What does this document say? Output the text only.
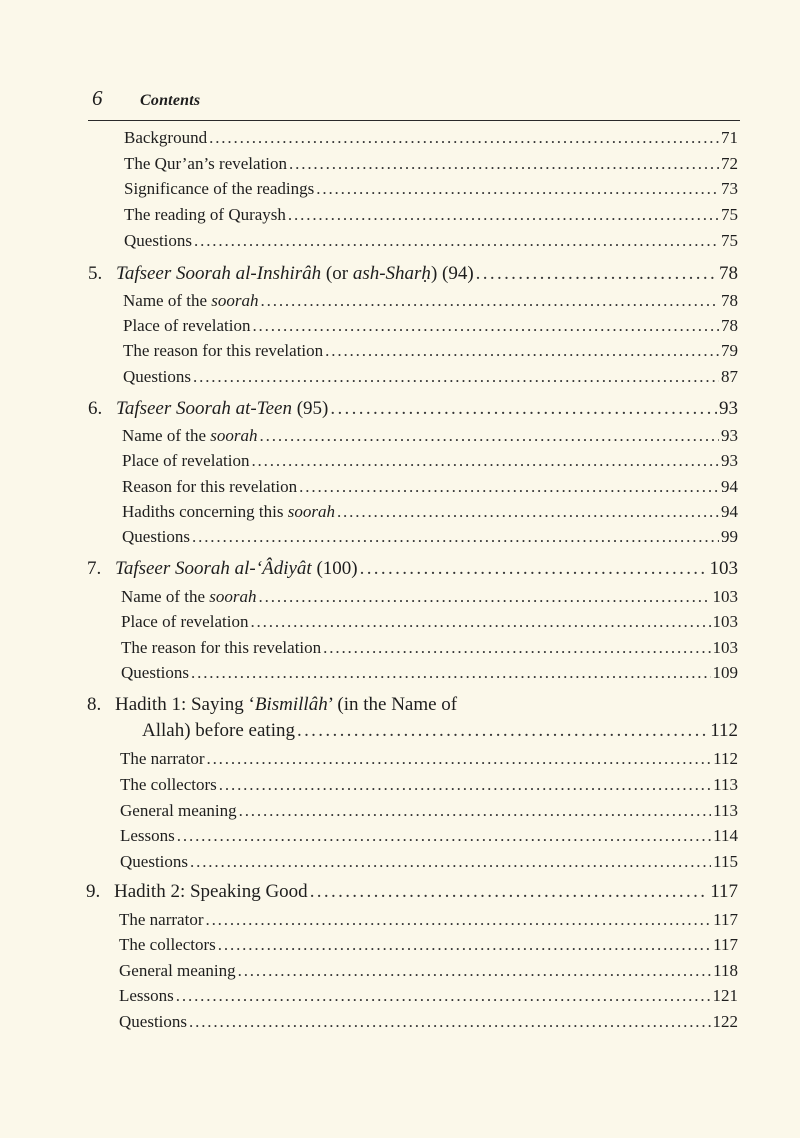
6	Contents
Background . . .	71
The Qur’an’s revelation . . .	72
Significance of the readings . . .	73
The reading of Quraysh . . .	75
Questions . . .	75
5. Tafseer Soorah al-Inshirâh (or ash-Sharḥ) (94) . . .	78
Name of the soorah . . .	78
Place of revelation . . .	78
The reason for this revelation . . .	79
Questions . . .	87
6. Tafseer Soorah at-Teen (95) . . .	93
Name of the soorah . . .	93
Place of revelation . . .	93
Reason for this revelation . . .	94
Hadiths concerning this soorah . . .	94
Questions . . .	99
7. Tafseer Soorah al-‘Âdiyât (100) . . .	103
Name of the soorah . . .	103
Place of revelation . . .	103
The reason for this revelation . . .	103
Questions . . .	109
8. Hadith 1: Saying ‘Bismillâh’ (in the Name of
Allah) before eating . . .	112
The narrator . . .	112
The collectors . . .	113
General meaning . . .	113
Lessons . . .	114
Questions . . .	115
9. Hadith 2: Speaking Good . . .	117
The narrator . . .	117
The collectors . . .	117
General meaning . . .	118
Lessons . . .	121
Questions . . .	122
